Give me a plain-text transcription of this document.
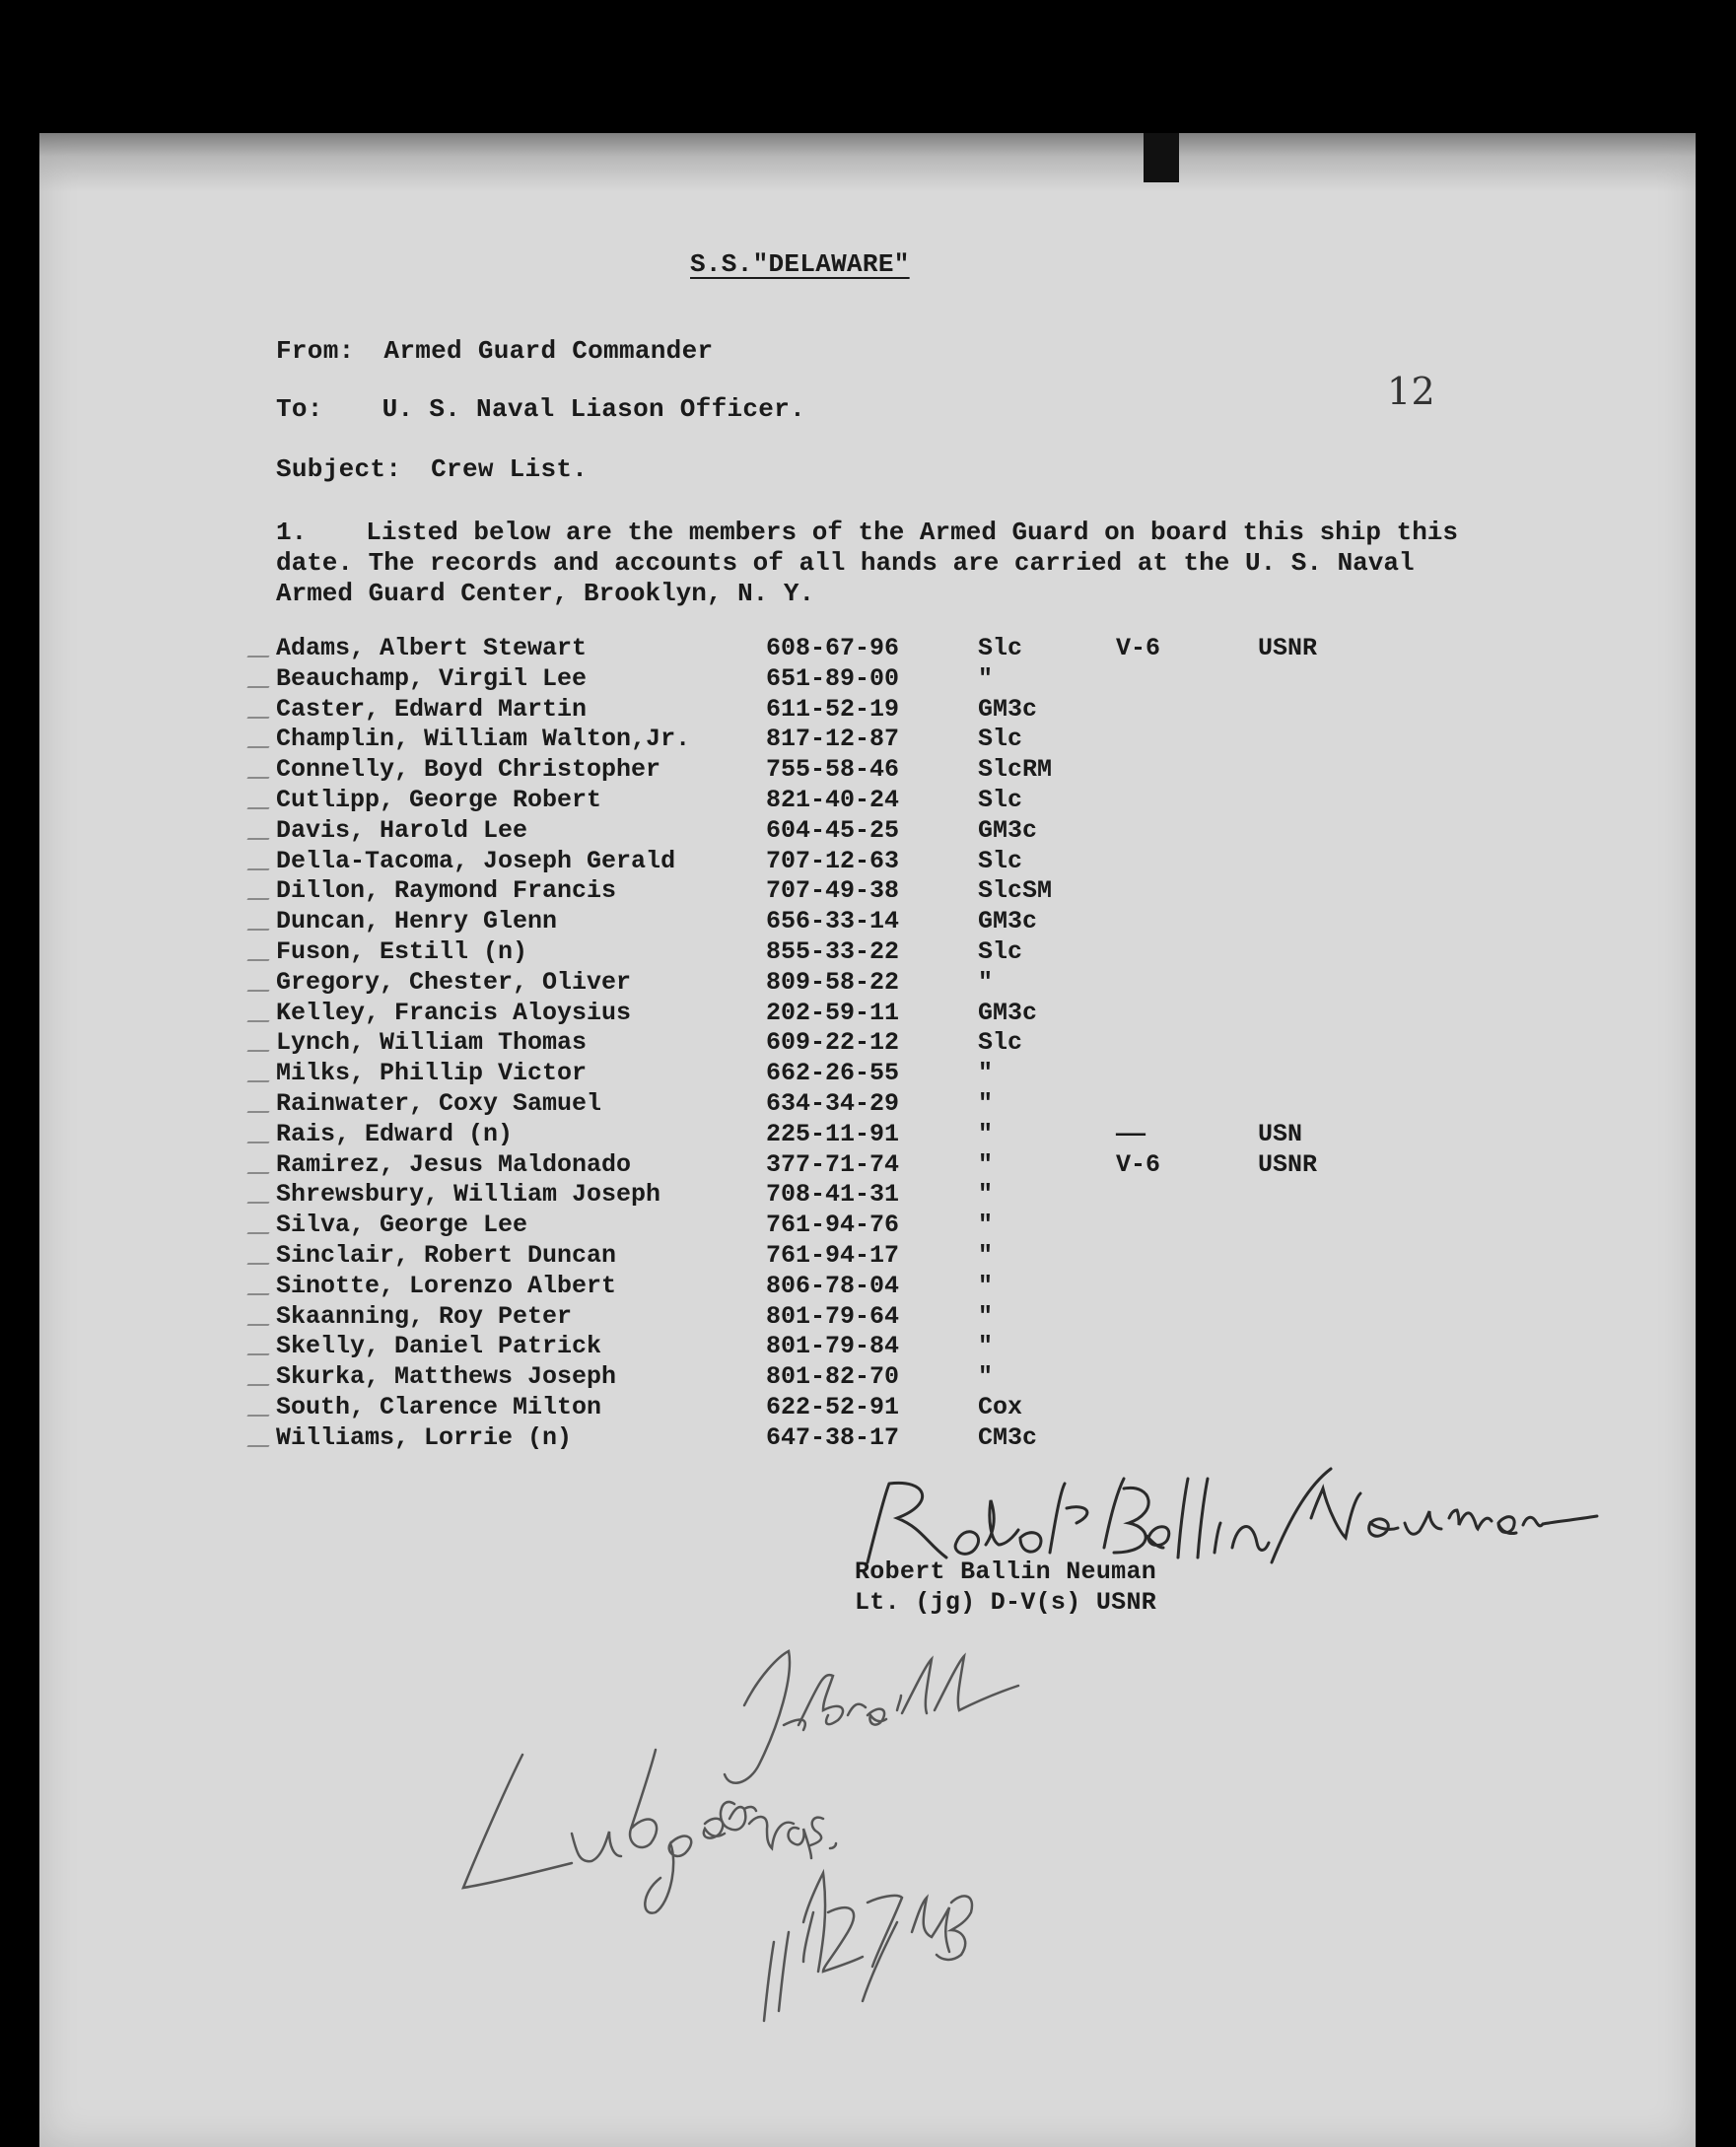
S.S."DELAWARE"
12
From: Armed Guard Commander
To: U. S. Naval Liason Officer.
Subject: Crew List.
1. Listed below are the members of the Armed Guard on board this ship this date. The records and accounts of all hands are carried at the U. S. Naval Armed Guard Center, Brooklyn, N. Y.
Adams, Albert Stewart	608-67-96	Slc	V-6	USNR
Beauchamp, Virgil Lee	651-89-00	"
Caster, Edward Martin	611-52-19	GM3c
Champlin, William Walton,Jr.	817-12-87	Slc
Connelly, Boyd Christopher	755-58-46	SlcRM
Cutlipp, George Robert	821-40-24	Slc
Davis, Harold Lee	604-45-25	GM3c
Della-Tacoma, Joseph Gerald	707-12-63	Slc
Dillon, Raymond Francis	707-49-38	SlcSM
Duncan, Henry Glenn	656-33-14	GM3c
Fuson, Estill (n)	855-33-22	Slc
Gregory, Chester, Oliver	809-58-22	"
Kelley, Francis Aloysius	202-59-11	GM3c
Lynch, William Thomas	609-22-12	Slc
Milks, Phillip Victor	662-26-55	"
Rainwater, Coxy Samuel	634-34-29	"
Rais, Edward (n)	225-11-91	"	——	USN
Ramirez, Jesus Maldonado	377-71-74	"	V-6	USNR
Shrewsbury, William Joseph	708-41-31	"
Silva, George Lee	761-94-76	"
Sinclair, Robert Duncan	761-94-17	"
Sinotte, Lorenzo Albert	806-78-04	"
Skaanning, Roy Peter	801-79-64	"
Skelly, Daniel Patrick	801-79-84	"
Skurka, Matthews Joseph	801-82-70	"
South, Clarence Milton	622-52-91	Cox
Williams, Lorrie (n)	647-38-17	CM3c
Robert Ballin Neuman
Lt. (jg) D-V(s) USNR
